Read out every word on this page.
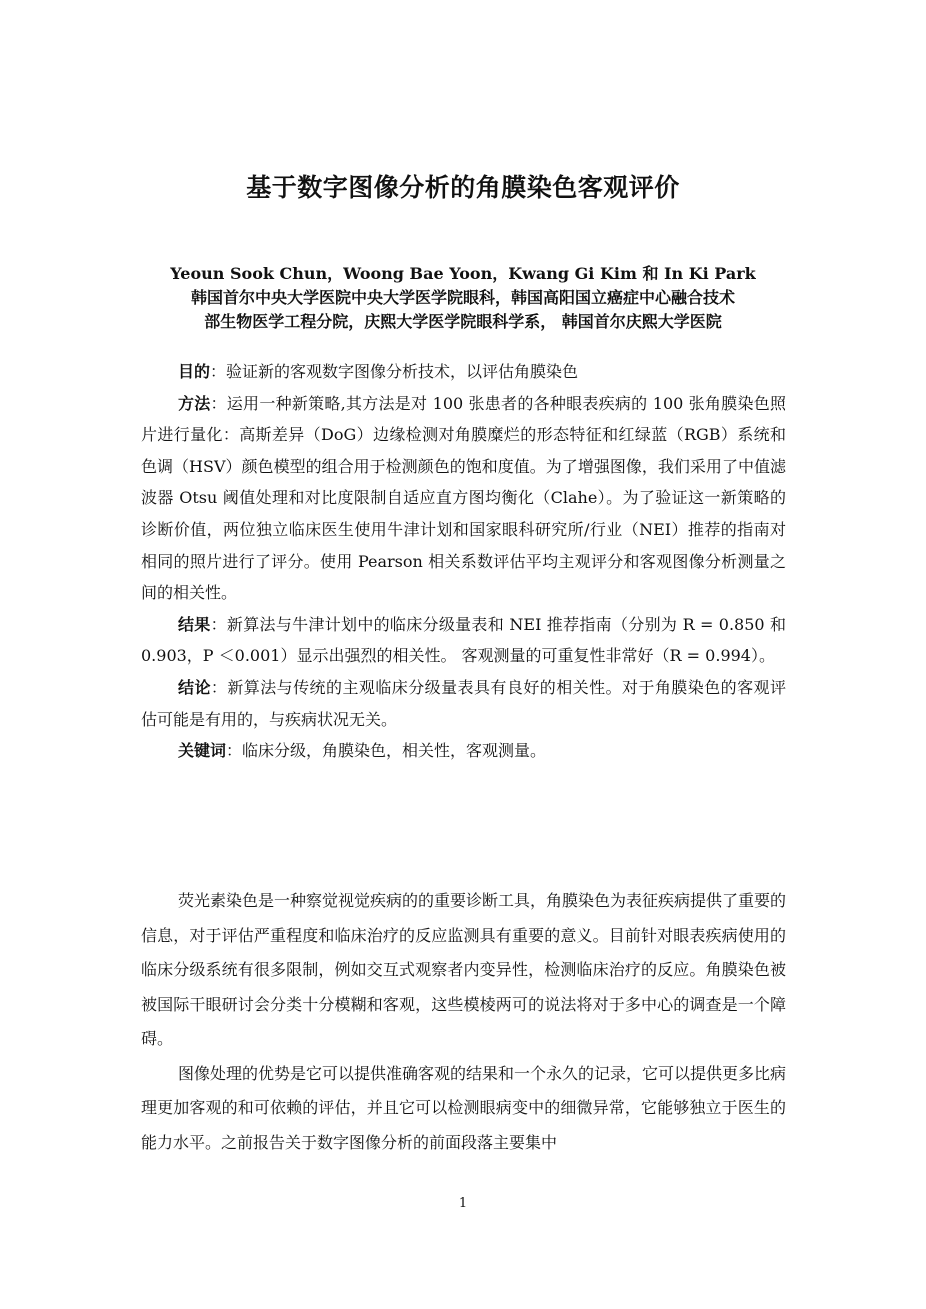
基于数字图像分析的角膜染色客观评价
Yeoun Sook Chun，Woong Bae Yoon，Kwang Gi Kim 和 In Ki Park
韩国首尔中央大学医院中央大学医学院眼科，韩国高阳国立癌症中心融合技术
部生物医学工程分院，庆熙大学医学院眼科学系， 韩国首尔庆熙大学医院

目的：验证新的客观数字图像分析技术，以评估角膜染色

方法：运用一种新策略,其方法是对 100 张患者的各种眼表疾病的 100 张角膜染色照片进行量化：高斯差异（DoG）边缘检测对角膜糜烂的形态特征和红绿蓝（RGB）系统和色调（HSV）颜色模型的组合用于检测颜色的饱和度值。为了增强图像，我们采用了中值滤波器 Otsu 阈值处理和对比度限制自适应直方图均衡化（Clahe）。为了验证这一新策略的诊断价值，两位独立临床医生使用牛津计划和国家眼科研究所/行业（NEI）推荐的指南对相同的照片进行了评分。使用 Pearson 相关系数评估平均主观评分和客观图像分析测量之间的相关性。

结果：新算法与牛津计划中的临床分级量表和 NEI 推荐指南（分别为 R = 0.850 和 0.903，P ＜0.001）显示出强烈的相关性。 客观测量的可重复性非常好（R = 0.994）。

结论：新算法与传统的主观临床分级量表具有良好的相关性。对于角膜染色的客观评估可能是有用的，与疾病状况无关。

关键词：临床分级，角膜染色，相关性，客观测量。

荧光素染色是一种察觉视觉疾病的的重要诊断工具，角膜染色为表征疾病提供了重要的信息，对于评估严重程度和临床治疗的反应监测具有重要的意义。目前针对眼表疾病使用的临床分级系统有很多限制，例如交互式观察者内变异性，检测临床治疗的反应。角膜染色被被国际干眼研讨会分类十分模糊和客观，这些模棱两可的说法将对于多中心的调查是一个障碍。

图像处理的优势是它可以提供准确客观的结果和一个永久的记录，它可以提供更多比病理更加客观的和可依赖的评估，并且它可以检测眼病变中的细微异常，它能够独立于医生的能力水平。之前报告关于数字图像分析的前面段落主要集中

1
